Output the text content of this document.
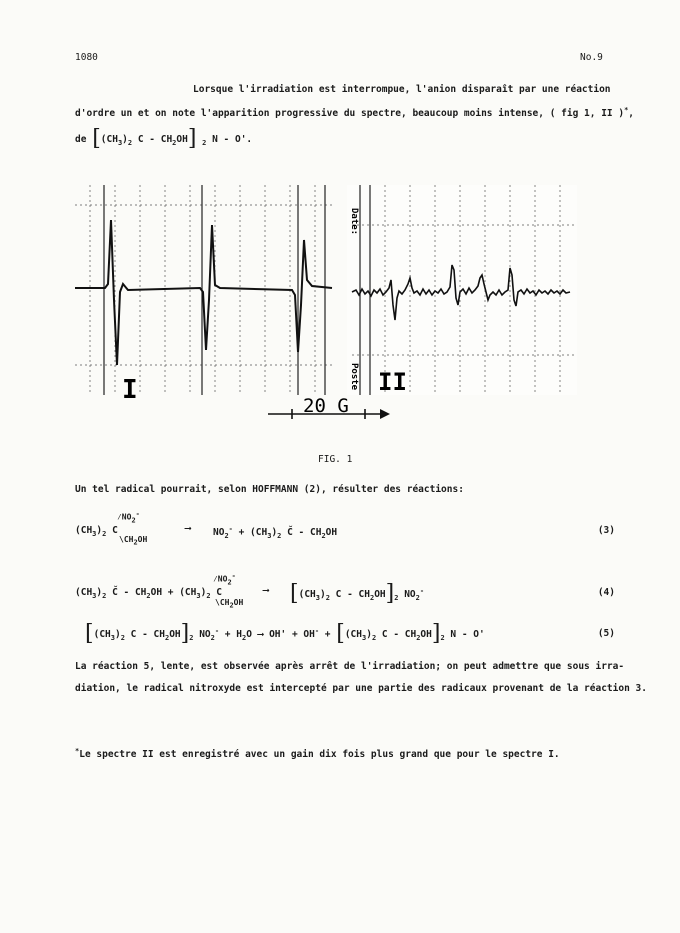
1080	No.9
Lorsque l'irradiation est interrompue, l'anion disparaît par une réaction
d'ordre un et on note l'apparition progressive du spectre, beaucoup moins intense, ( fig 1, II )*,
de [$(CH_3)_2$ C - $CH_2OH$] $_2$ N - O'.
I
Date:
Poste II
20 G
FIG. 1
Un tel radical pourrait, selon HOFFMANN (2), résulter des réactions:
$(CH_3)_2$ C
⁄NO2-
\CH2OH
⟶ $NO_2^- + (CH_3)_2$ Č - $CH_2OH$	(3)
$(CH_3)_2$ Č - $CH_2OH + (CH_3)_2$ C
⁄NO2-
\CH2OH
⟶ [$(CH_3)_2$ C - $CH_2OH]_2$ $NO_2^-$	(4)
[$(CH_3)_2$ C - $CH_2OH]_2$ $NO_2^- + H_2O$ ⟶ $OH' + OH^- + [(CH_3)_2$ C - $CH_2OH]_2$ N - O'	(5)
La réaction 5, lente, est observée après arrêt de l'irradiation; on peut admettre que sous irra-
diation, le radical nitroxyde est intercepté par une partie des radicaux provenant de la réaction 3.
*Le spectre II est enregistré avec un gain dix fois plus grand que pour le spectre I.
